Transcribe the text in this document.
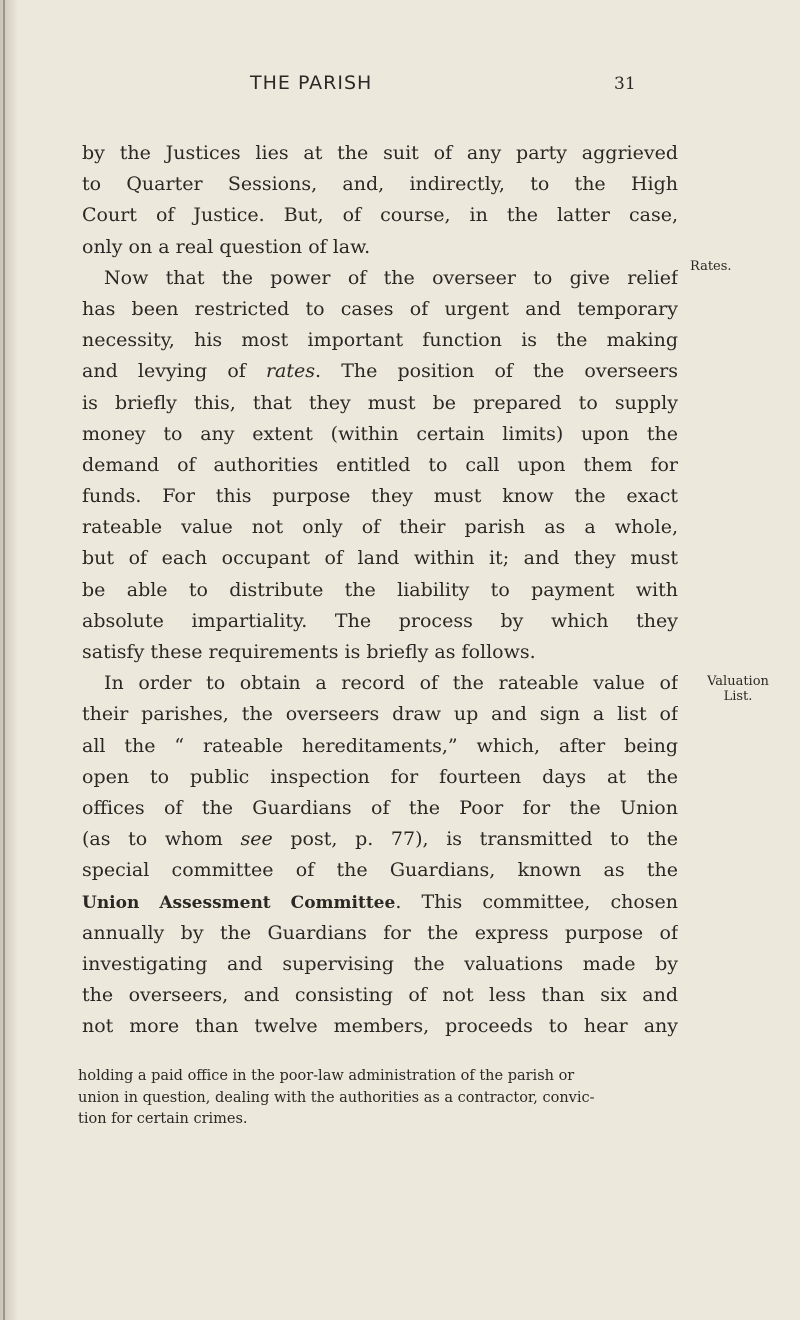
THE PARISH	31
by the Justices lies at the suit of any party aggrieved
to Quarter Sessions, and, indirectly, to the High
Court of Justice. But, of course, in the latter case,
only on a real question of law.
Now that the power of the overseer to give relief
has been restricted to cases of urgent and temporary
necessity, his most important function is the making
and levying of rates. The position of the overseers
is briefly this, that they must be prepared to supply
money to any extent (within certain limits) upon the
demand of authorities entitled to call upon them for
funds. For this purpose they must know the exact
rateable value not only of their parish as a whole,
but of each occupant of land within it; and they must
be able to distribute the liability to payment with
absolute impartiality. The process by which they
satisfy these requirements is briefly as follows.
In order to obtain a record of the rateable value of
their parishes, the overseers draw up and sign a list of
all the “ rateable hereditaments,” which, after being
open to public inspection for fourteen days at the
offices of the Guardians of the Poor for the Union
(as to whom see post, p. 77), is transmitted to the
special committee of the Guardians, known as the
Union Assessment Committee. This committee, chosen
annually by the Guardians for the express purpose of
investigating and supervising the valuations made by
the overseers, and consisting of not less than six and
not more than twelve members, proceeds to hear any
Rates.
Valuation
List.
holding a paid office in the poor-law administration of the parish or
union in question, dealing with the authorities as a contractor, convic-
tion for certain crimes.
